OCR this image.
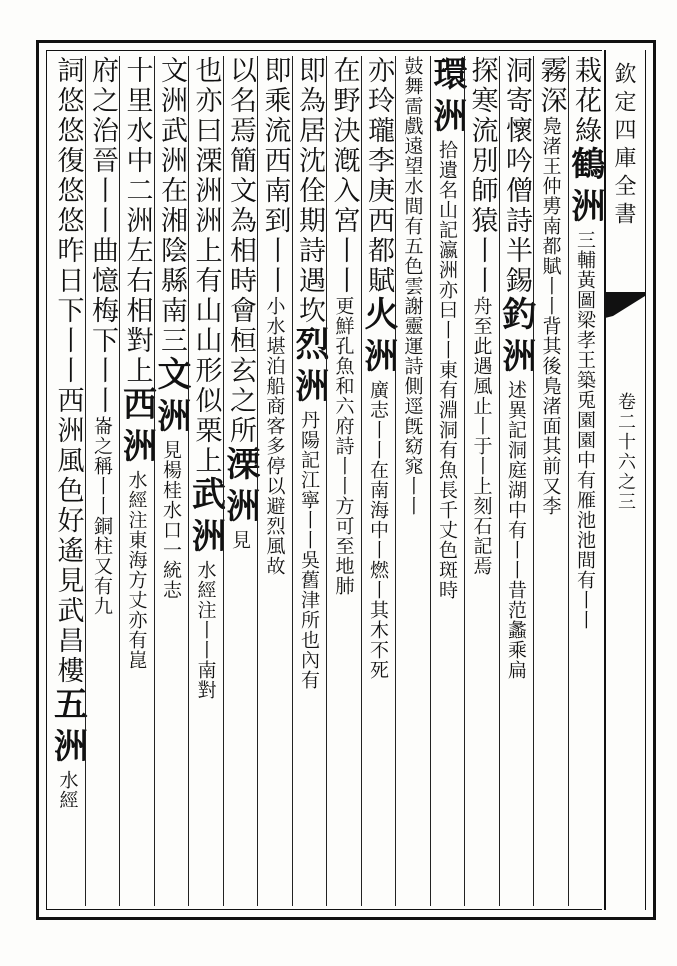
欽定四庫全書
卷二十六之三
栽花綠鶴洲三輔黃圖梁孝王築兎園園中有雁池池間有丨丨
霧深鳧渚王仲旉南都賦丨丨背其後鳬渚面其前又李
洞寄懷吟僧詩半錫釣洲述異記洞庭湖中有丨丨昔范蠡乘扁
探寒流別師猿丨丨舟至此遇風止丨于丨上刻石記焉
環洲拾遺名山記瀛洲亦曰丨丨東有淵洞有魚長千丈色斑時
鼓舞䨓戲遠望水間有五色雲謝靈運詩側逕旣窈窕丨丨
亦玲瓏李庚西都賦火洲廣志丨丨在南海中丨燃丨其木不死
在野決漑入宮丨丨更鮮孔魚和六府詩丨丨方可至地肺
即為居沈佺期詩遇坎烈洲丹陽記江寧丨丨吳舊津所也內有
即乘流西南到丨丨小水堪泊船商客多停以避烈風故
以名焉簡文為相時會桓玄之所溧洲見
也亦曰溧洲洲上有山山形似栗上武洲水經注丨丨南對
文洲武洲在湘陰縣南三文洲見楊桂水口一統志
十里水中二洲左右相對上西洲水經注東海方丈亦有崑
府之治晉丨丨曲憶梅下丨丨崙之稱丨丨銅柱又有九
詞悠悠復悠悠昨日下丨丨西洲風色好遙見武昌樓五洲水經
